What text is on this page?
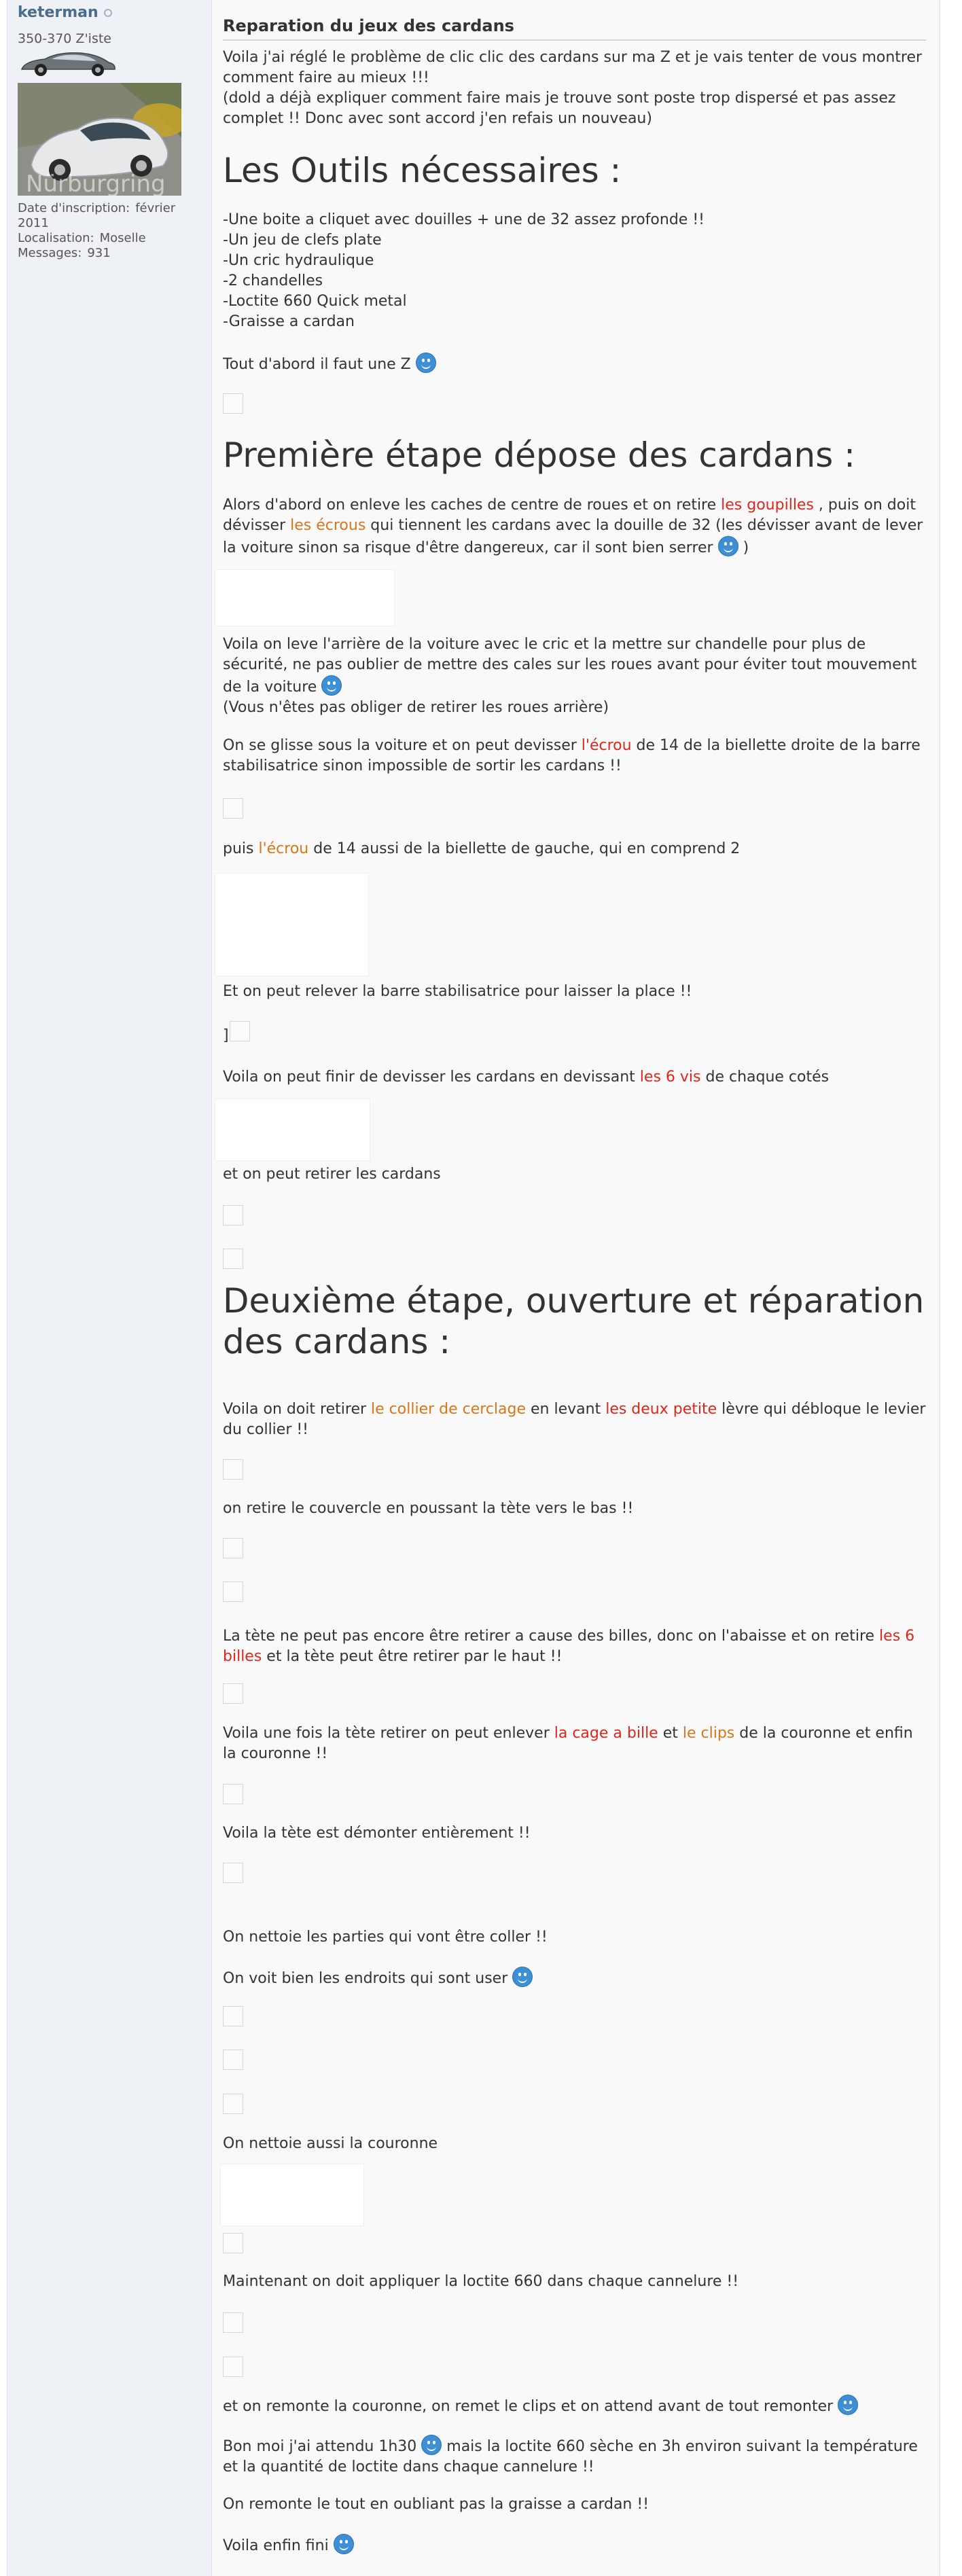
keterman
350-370 Z'iste
Nürburgring
Date d'inscription: février 2011
Localisation: Moselle
Messages: 931
Reparation du jeux des cardans
Voila j'ai réglé le problème de clic clic des cardans sur ma Z et je vais tenter de vous montrer comment faire au mieux !!!
(dold a déjà expliquer comment faire mais je trouve sont poste trop dispersé et pas assez complet !! Donc avec sont accord j'en refais un nouveau)
Les Outils nécessaires :
-Une boite a cliquet avec douilles + une de 32 assez profonde !!
-Un jeu de clefs plate
-Un cric hydraulique
-2 chandelles
-Loctite 660 Quick metal
-Graisse a cardan
Tout d'abord il faut une Z
Première étape dépose des cardans :
Alors d'abord on enleve les caches de centre de roues et on retire les goupilles , puis on doit dévisser les écrous qui tiennent les cardans avec la douille de 32 (les dévisser avant de lever la voiture sinon sa risque d'être dangereux, car il sont bien serrer
)
Voila on leve l'arrière de la voiture avec le cric et la mettre sur chandelle pour plus de sécurité, ne pas oublier de mettre des cales sur les roues avant pour éviter tout mouvement de la voiture
(Vous n'êtes pas obliger de retirer les roues arrière)
On se glisse sous la voiture et on peut devisser l'écrou de 14 de la biellette droite de la barre stabilisatrice sinon impossible de sortir les cardans !!
puis l'écrou de 14 aussi de la biellette de gauche, qui en comprend 2
Et on peut relever la barre stabilisatrice pour laisser la place !!
]
Voila on peut finir de devisser les cardans en devissant les 6 vis de chaque cotés
et on peut retirer les cardans
Deuxième étape, ouverture et réparation des cardans :
Voila on doit retirer le collier de cerclage en levant les deux petite lèvre qui débloque le levier du collier !!
on retire le couvercle en poussant la tète vers le bas !!
La tète ne peut pas encore être retirer a cause des billes, donc on l'abaisse et on retire les 6 billes et la tète peut être retirer par le haut !!
Voila une fois la tète retirer on peut enlever la cage a bille et le clips de la couronne et enfin la couronne !!
Voila la tète est démonter entièrement !!
On nettoie les parties qui vont être coller !!
On voit bien les endroits qui sont user
On nettoie aussi la couronne
Maintenant on doit appliquer la loctite 660 dans chaque cannelure !!
et on remonte la couronne, on remet le clips et on attend avant de tout remonter
Bon moi j'ai attendu 1h30
mais la loctite 660 sèche en 3h environ suivant la température et la quantité de loctite dans chaque cannelure !!
On remonte le tout en oubliant pas la graisse a cardan !!
Voila enfin fini
